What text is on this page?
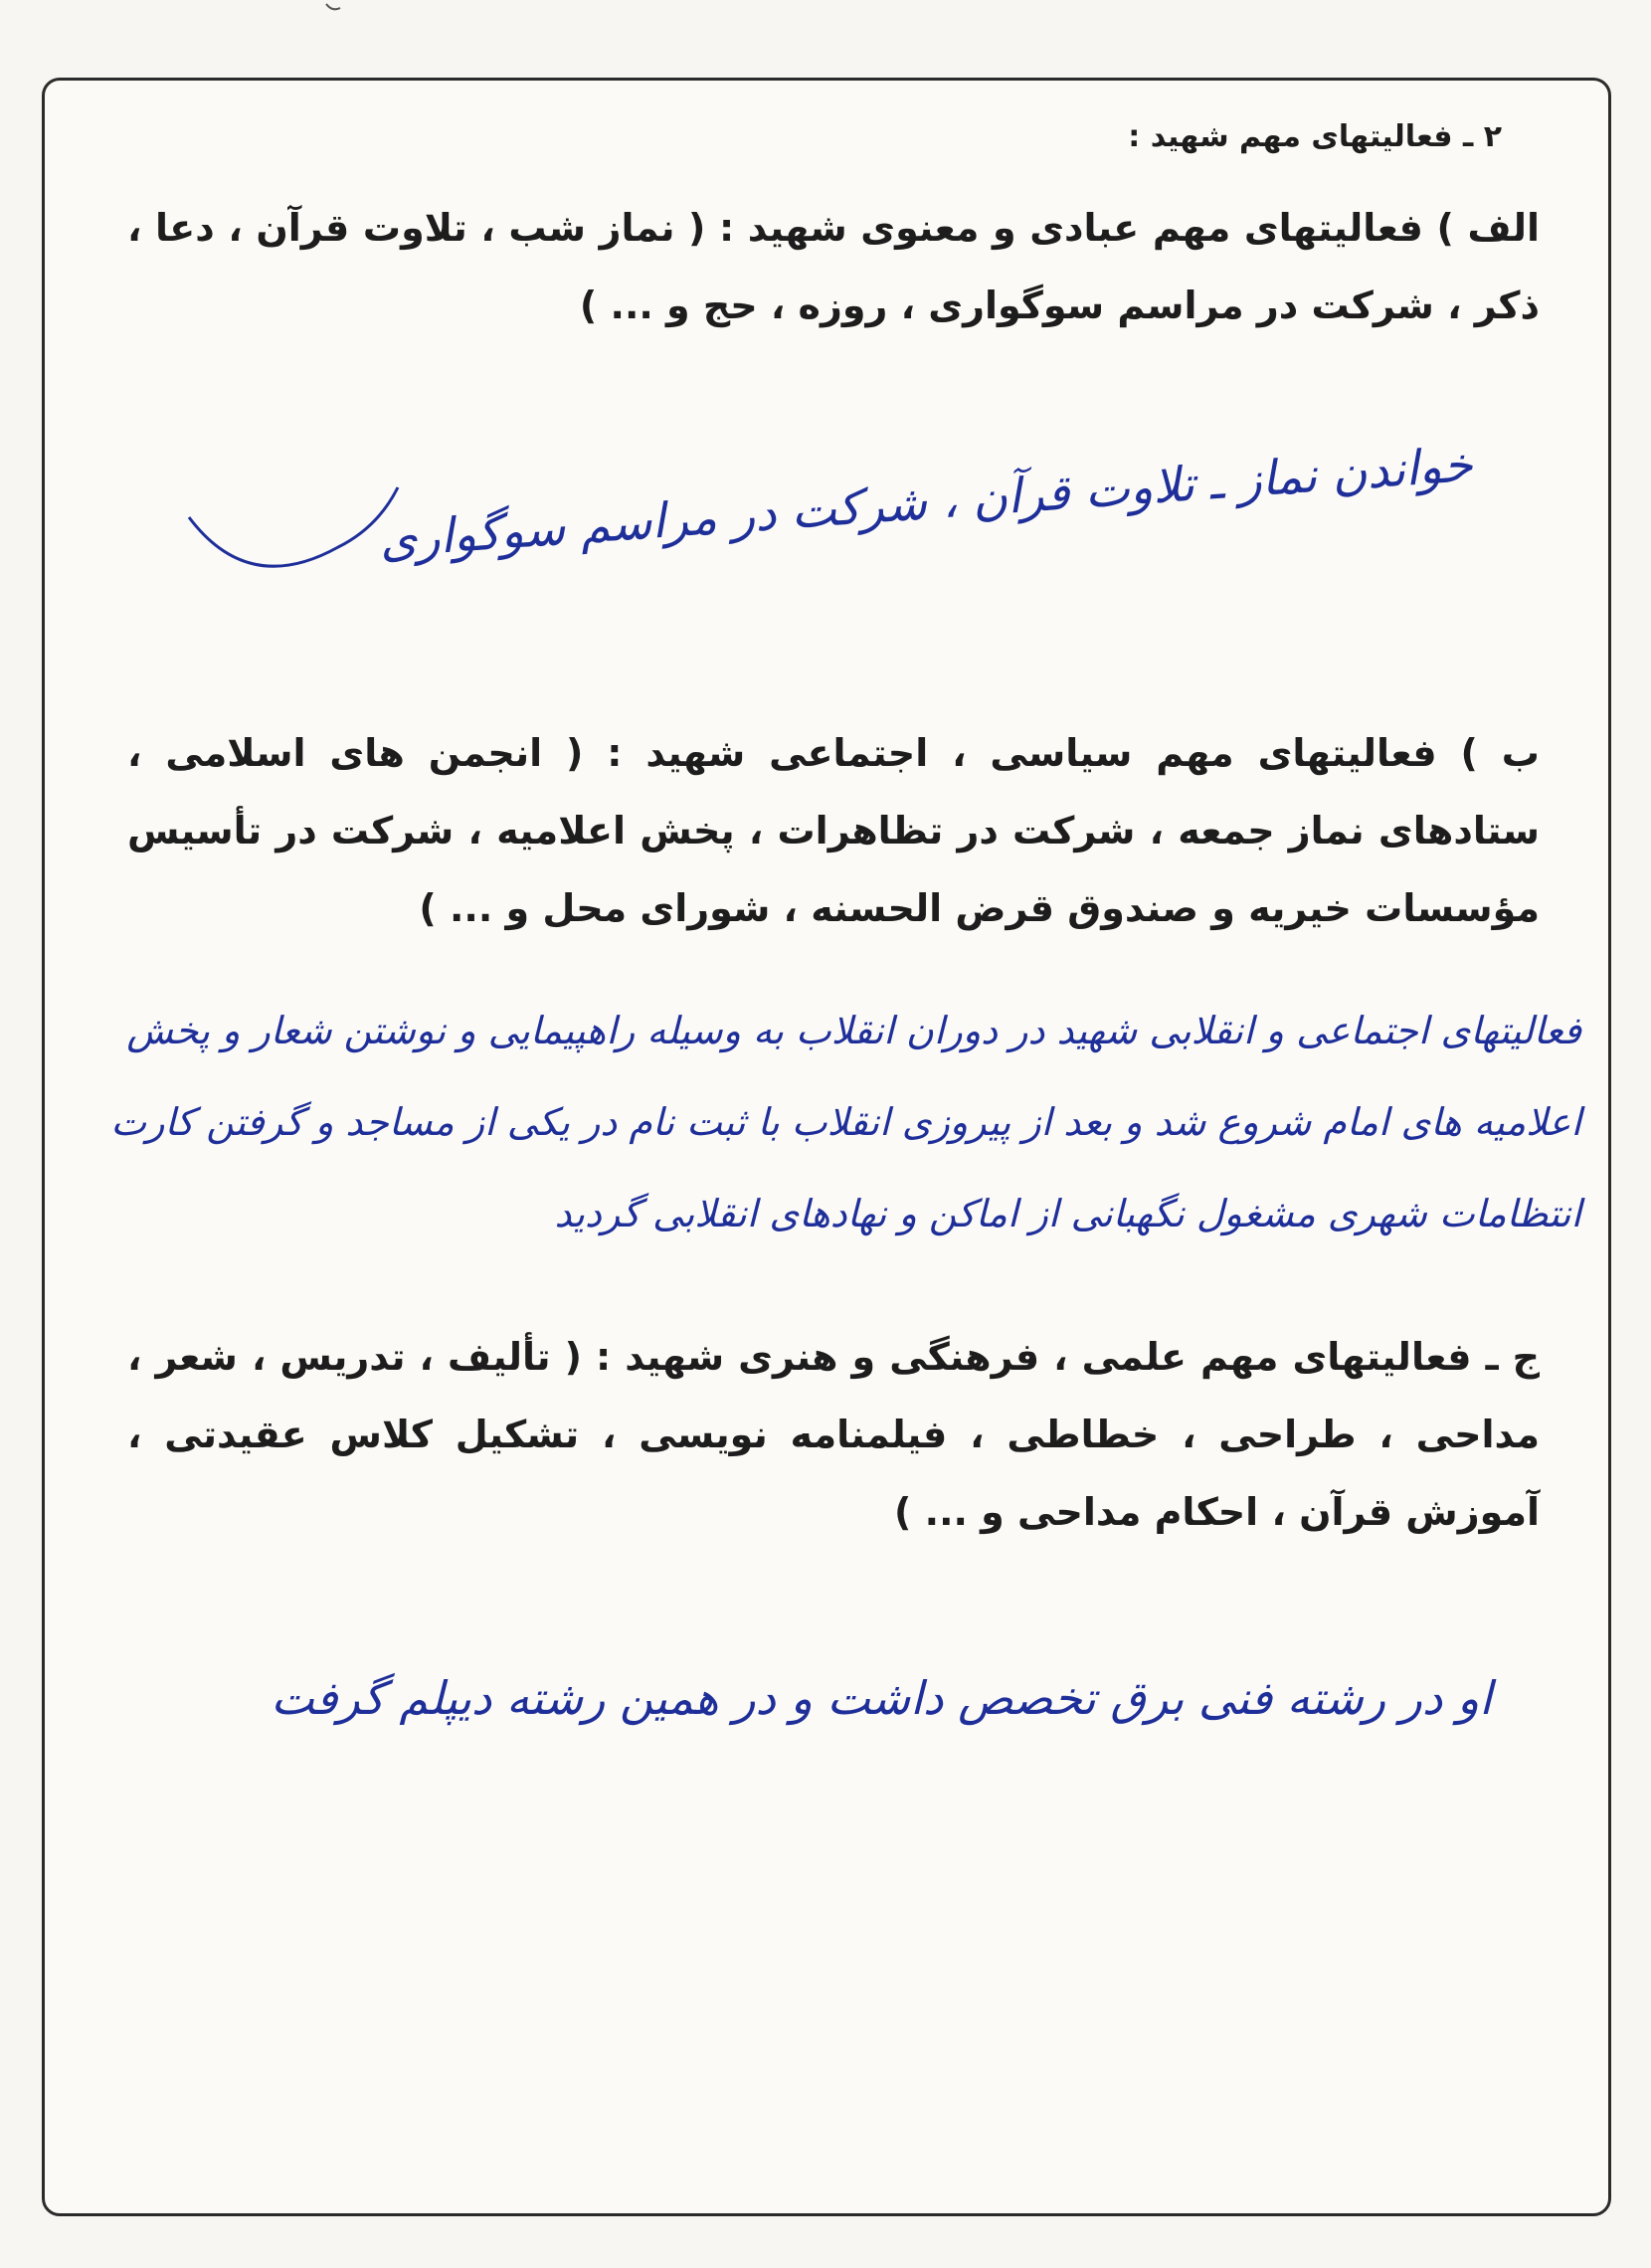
۲ ـ فعالیتهای مهم شهید :

الف ) فعالیتهای مهم عبادی و معنوی شهید : ( نماز شب ، تلاوت قرآن ، دعا ، ذکر ، شرکت در مراسم سوگواری ، روزه ، حج و ... )

خواندن نماز ـ تلاوت قرآن ، شرکت در مراسم سوگواری

ب ) فعالیتهای مهم سیاسی ، اجتماعی شهید : ( انجمن های اسلامی ، ستادهای نماز جمعه ، شرکت در تظاهرات ، پخش اعلامیه ، شرکت در تأسیس مؤسسات خیریه و صندوق قرض الحسنه ، شورای محل و ... )

فعالیتهای اجتماعی و انقلابی شهید در دوران انقلاب به وسیله راهپیمایی و نوشتن شعار و پخش اعلامیه های امام شروع شد و بعد از پیروزی انقلاب با ثبت نام در یکی از مساجد و گرفتن کارت انتظامات شهری مشغول نگهبانی از اماکن و نهادهای انقلابی گردید

ج ـ فعالیتهای مهم علمی ، فرهنگی و هنری شهید : ( تألیف ، تدریس ، شعر ، مداحی ، طراحی ، خطاطی ، فیلمنامه نویسی ، تشکیل کلاس عقیدتی ، آموزش قرآن ، احکام مداحی و ... )

او در رشته فنی برق تخصص داشت و در همین رشته دیپلم گرفت
